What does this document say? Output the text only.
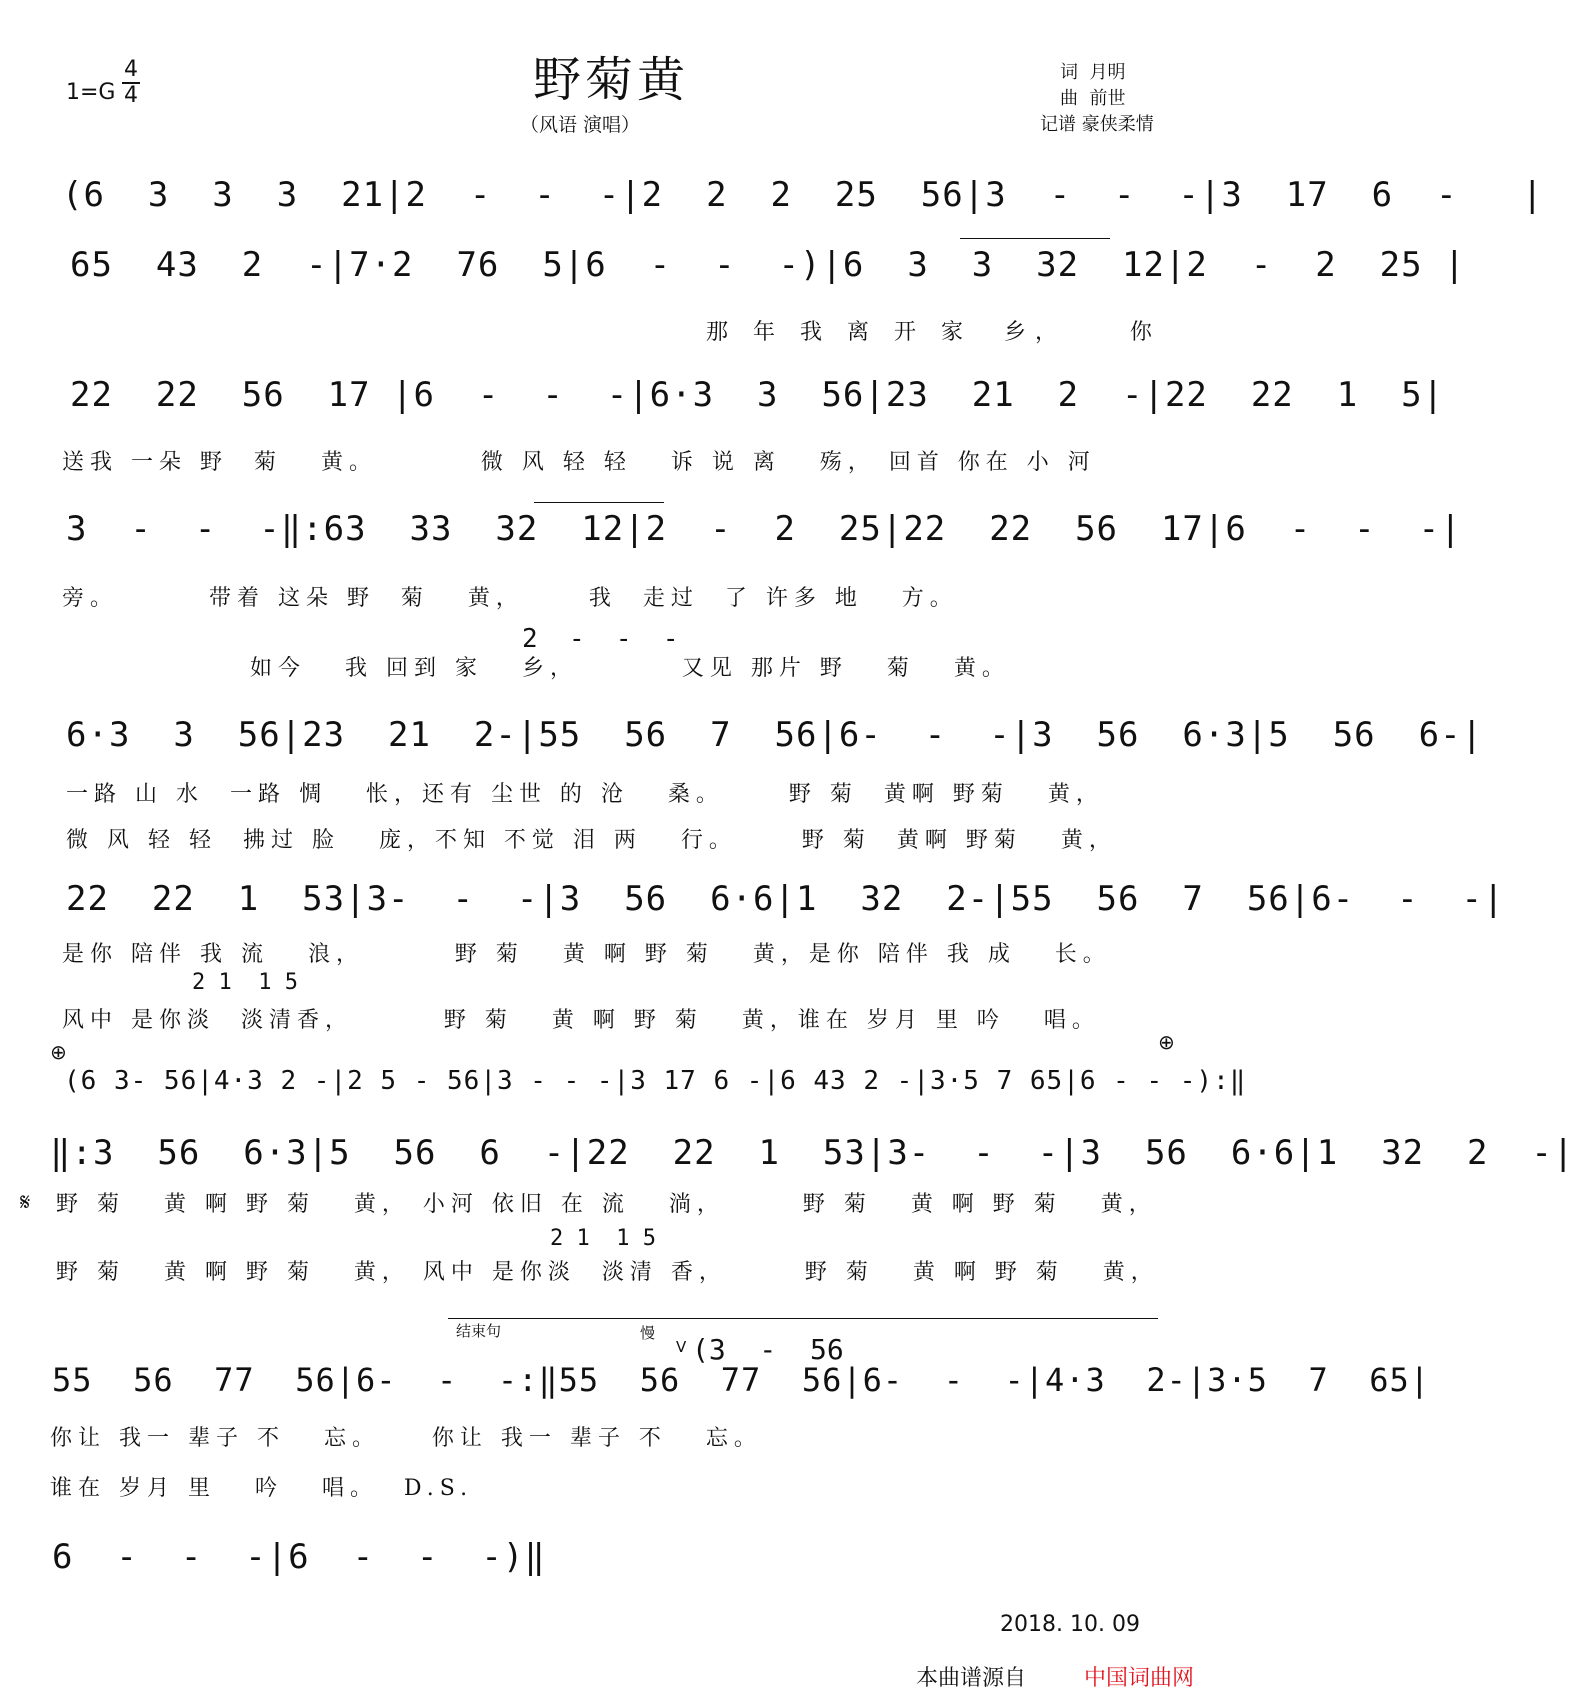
1=G
4
4	野菊黄
（风语 演唱）
词  月明
曲  前世
记谱 豪侠柔情
(6  3  3  3  21|2  -  -  -|2  2  2  25  56|3  -  -  -|3  17  6  -   |
65  43  2  -|7·2  76  5|6  -  -  -)|6  3  3  32  12|2  -  2  25 |
那 年 我 离 开 家  乡，    你
22  22  56  17 |6  -  -  -|6·3  3  56|23  21  2  -|22  22  1  5|
送我 一朵 野  菊   黄。        微 风 轻 轻   诉 说 离   殇， 回首 你在 小 河
3  -  -  -‖:63  33  32  12|2  -  2  25|22  22  56  17|6  -  -  -|
旁。       带着 这朵 野  菊   黄，     我  走过  了 许多 地   方。
2  -  -  -
如今   我 回到 家   乡，        又见 那片 野   菊   黄。
6·3  3  56|23  21  2-|55  56  7  56|6-  -  -|3  56  6·3|5  56  6-|
一路 山 水  一路 惆   怅，还有 尘世 的 沧   桑。     野 菊  黄啊 野菊   黄，
微 风 轻 轻  拂过 脸   庞，不知 不觉 泪 两   行。     野 菊  黄啊 野菊   黄，
22  22  1  53|3-  -  -|3  56  6·6|1  32  2-|55  56  7  56|6-  -  -|
是你 陪伴 我 流   浪，       野 菊   黄 啊 野 菊   黄，是你 陪伴 我 成   长。
2 1  1 5
风中 是你淡  淡清香，       野 菊   黄 啊 野 菊   黄，谁在 岁月 里 吟   唱。
⊕	⊕
(6 3- 56|4·3 2 -|2 5 - 56|3 - - -|3 17 6 -|6 43 2 -|3·5 7 65|6 - - -):‖
‖:3  56  6·3|5  56  6  -|22  22  1  53|3-  -  -|3  56  6·6|1  32  2  -|
𝄋 野 菊   黄 啊 野 菊   黄， 小河 依旧 在 流   淌，      野 菊   黄 啊 野 菊   黄，
2 1  1 5
野 菊   黄 啊 野 菊   黄， 风中 是你淡  淡清 香，      野 菊   黄 啊 野 菊   黄，
结束句	慢
V (3  -  56
55  56  77  56|6-  -  -:‖55  56  77  56|6-  -  -|4·3  2-|3·5  7  65|
你让 我一 辈子 不   忘。    你让 我一 辈子 不   忘。
谁在 岁月 里   吟   唱。  D.S.
6  -  -  -|6  -  -  -)‖
2018. 10. 09
本曲谱源自	中国词曲网
